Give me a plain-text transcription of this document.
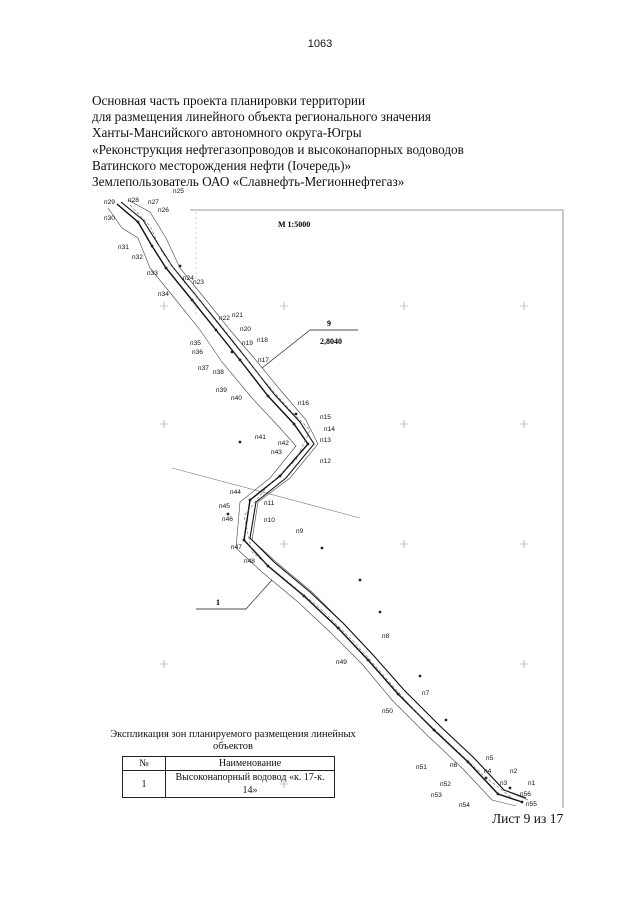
1063
Основная часть проекта планировки территории
для размещения линейного объекта регионального значения
Ханты-Мансийского автономного округа-Югры
«Реконструкция нефтегазопроводов и высоконапорных водоводов
Ватинского месторождения нефти (Iочередь)»
Землепользователь ОАО «Славнефть-Мегионнефтегаз»
9
2,8040
1
М 1:5000
п1
п2
п3
п4
п5
п6
п7
п8
п9
п10
п11
п12
п13
п14
п15
п16
п17
п18
п19
п20
п21
п22
п23
п24
п25
п26
п27
п28
п29
п30
п31
п32
п33
п34
п35
п36
п37
п38
п39
п40
п41
п42
п43
п44
п45
п46
п47
п48
п49
п50
п51
п52
п53
п54	п55
п56
Экспликация зон планируемого размещения линейных
объектов
№	Наименование
1	Высоконапорный водовод «к. 17-к. 14»
Лист 9 из 17
